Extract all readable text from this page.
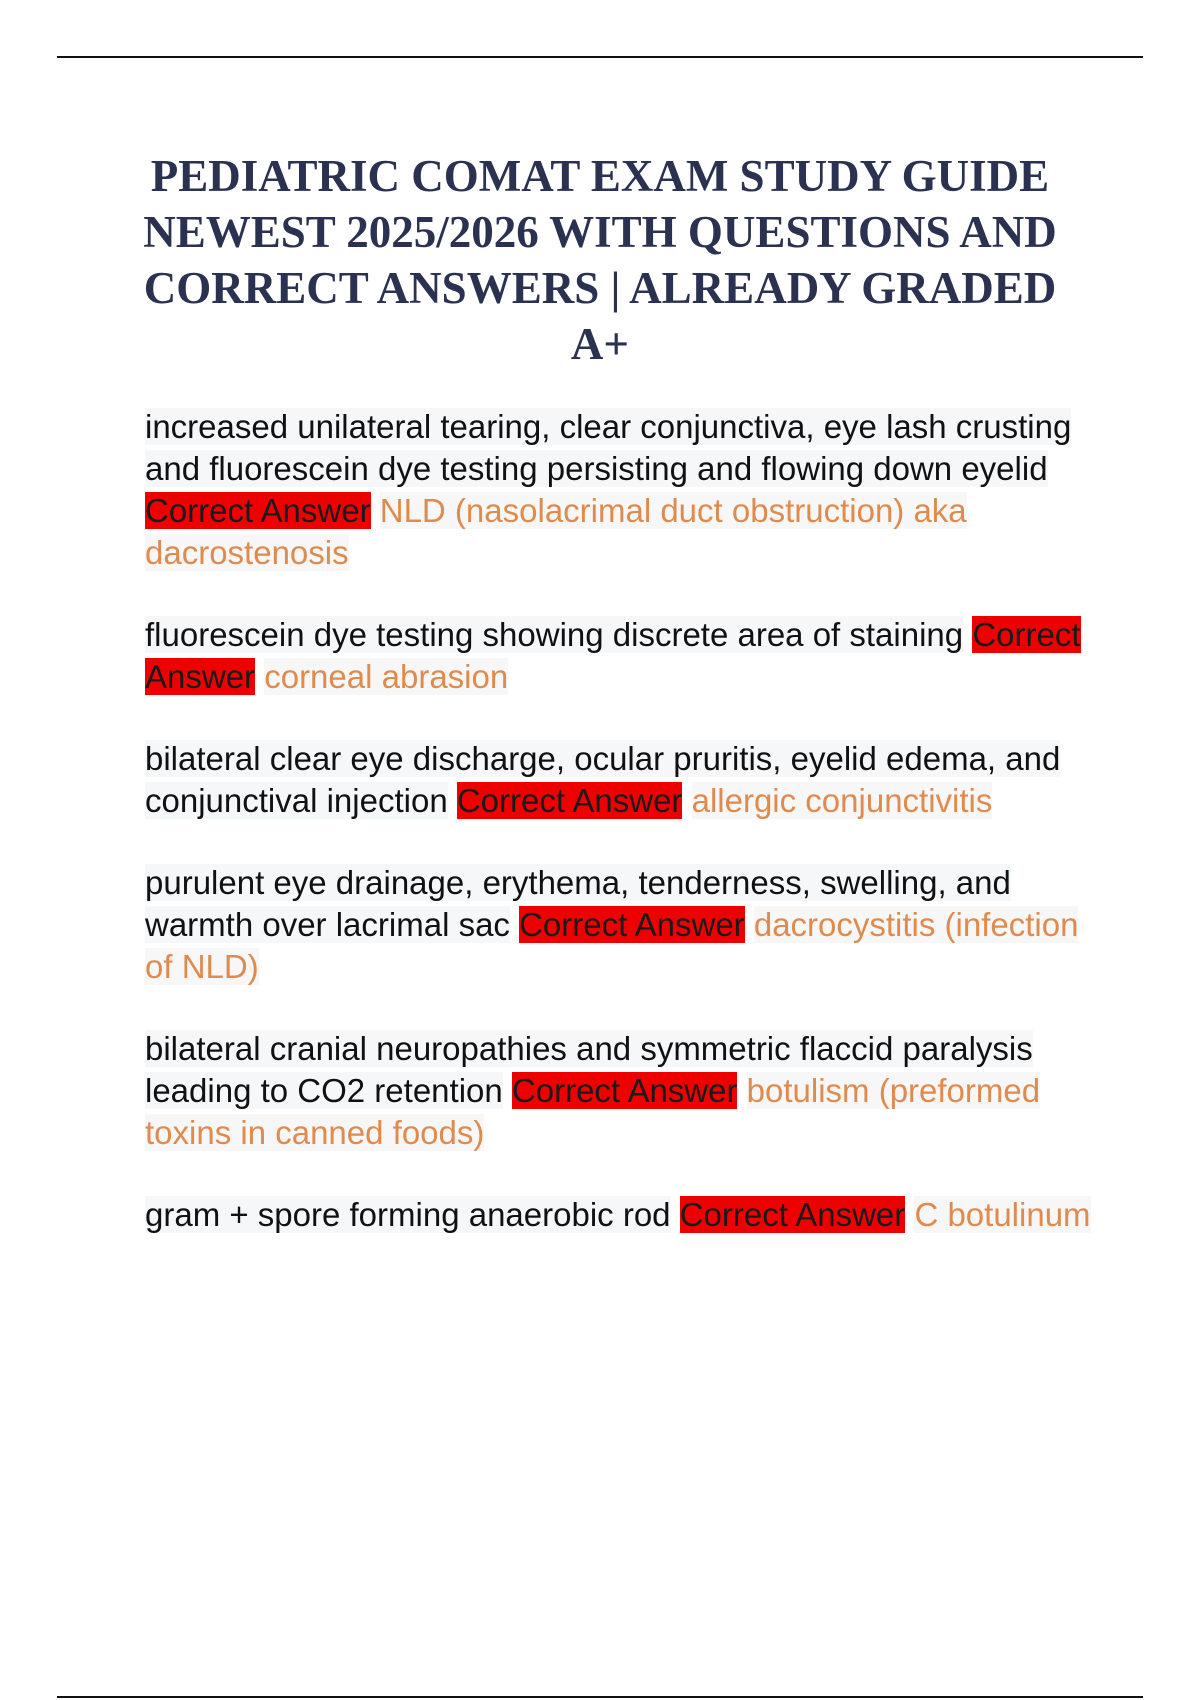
PEDIATRIC COMAT EXAM STUDY GUIDE NEWEST 2025/2026 WITH QUESTIONS AND CORRECT ANSWERS | ALREADY GRADED A+

increased unilateral tearing, clear conjunctiva, eye lash crusting and fluorescein dye testing persisting and flowing down eyelid Correct Answer NLD (nasolacrimal duct obstruction) aka dacrostenosis

fluorescein dye testing showing discrete area of staining Correct Answer corneal abrasion

bilateral clear eye discharge, ocular pruritis, eyelid edema, and conjunctival injection Correct Answer allergic conjunctivitis

purulent eye drainage, erythema, tenderness, swelling, and warmth over lacrimal sac Correct Answer dacrocystitis (infection of NLD)

bilateral cranial neuropathies and symmetric flaccid paralysis leading to CO2 retention Correct Answer botulism (preformed toxins in canned foods)

gram + spore forming anaerobic rod Correct Answer C botulinum
